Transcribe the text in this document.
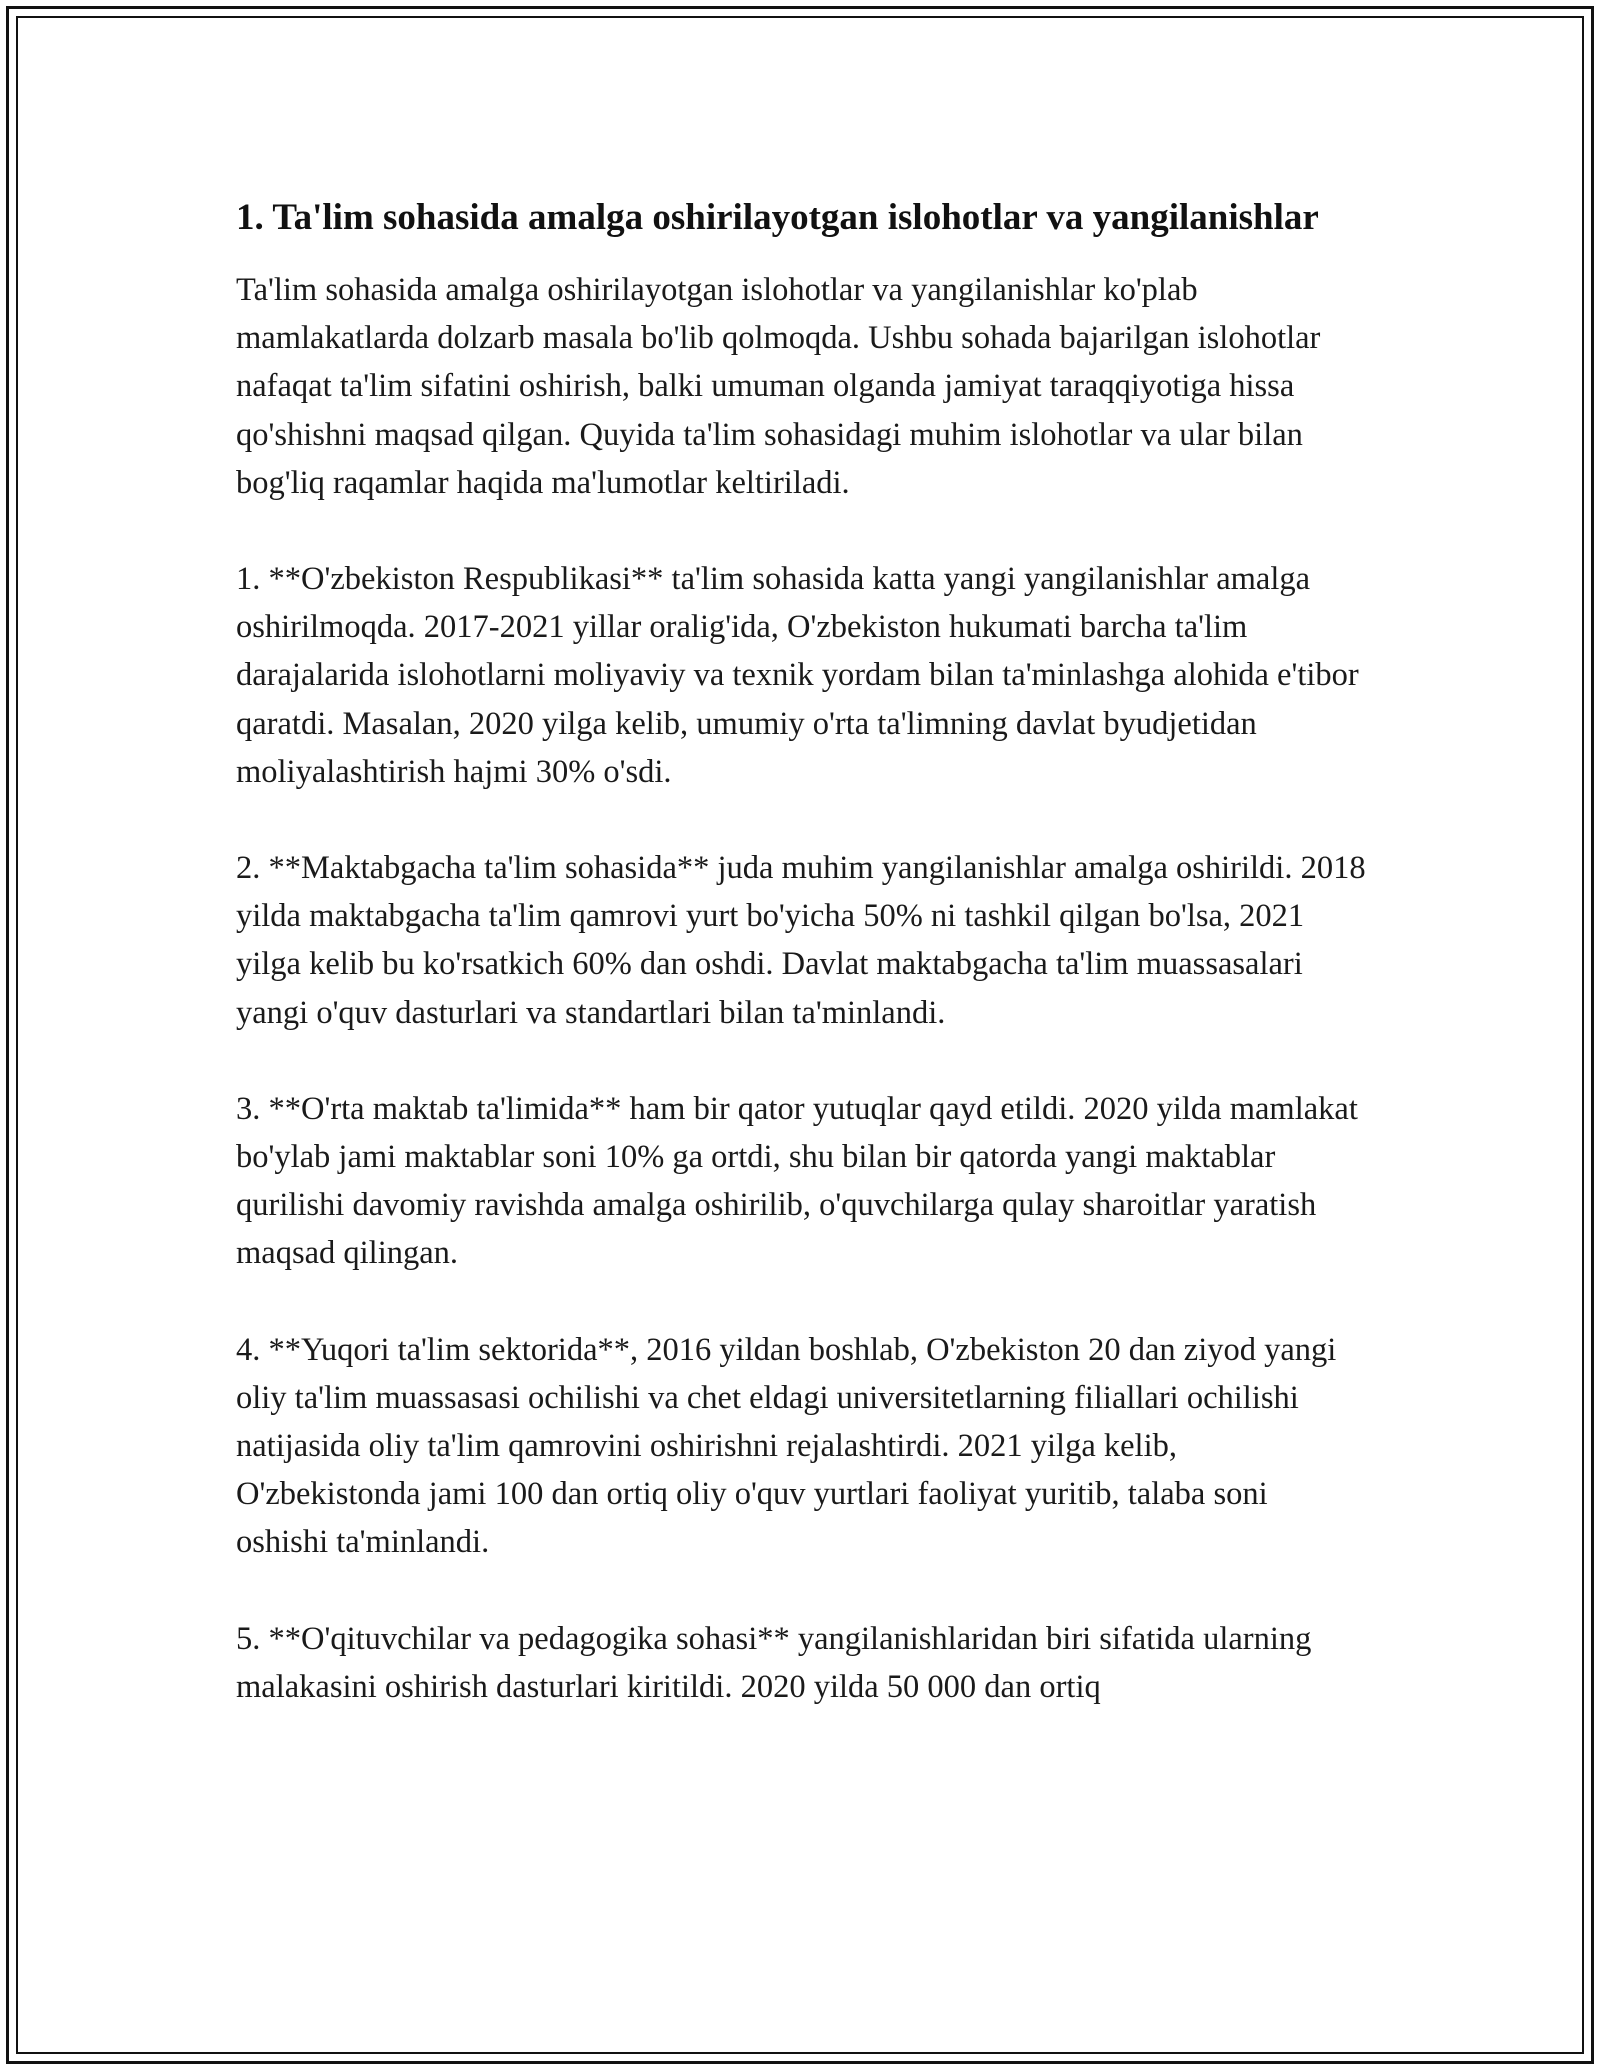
1. Ta'lim sohasida amalga oshirilayotgan islohotlar va yangilanishlar

Ta'lim sohasida amalga oshirilayotgan islohotlar va yangilanishlar ko'plab mamlakatlarda dolzarb masala bo'lib qolmoqda. Ushbu sohada bajarilgan islohotlar nafaqat ta'lim sifatini oshirish, balki umuman olganda jamiyat taraqqiyotiga hissa qo'shishni maqsad qilgan. Quyida ta'lim sohasidagi muhim islohotlar va ular bilan bog'liq raqamlar haqida ma'lumotlar keltiriladi.

1. **O'zbekiston Respublikasi** ta'lim sohasida katta yangi yangilanishlar amalga oshirilmoqda. 2017-2021 yillar oralig'ida, O'zbekiston hukumati barcha ta'lim darajalarida islohotlarni moliyaviy va texnik yordam bilan ta'minlashga alohida e'tibor qaratdi. Masalan, 2020 yilga kelib, umumiy o'rta ta'limning davlat byudjetidan moliyalashtirish hajmi 30% o'sdi.

2. **Maktabgacha ta'lim sohasida** juda muhim yangilanishlar amalga oshirildi. 2018 yilda maktabgacha ta'lim qamrovi yurt bo'yicha 50% ni tashkil qilgan bo'lsa, 2021 yilga kelib bu ko'rsatkich 60% dan oshdi. Davlat maktabgacha ta'lim muassasalari yangi o'quv dasturlari va standartlari bilan ta'minlandi.

3. **O'rta maktab ta'limida** ham bir qator yutuqlar qayd etildi. 2020 yilda mamlakat bo'ylab jami maktablar soni 10% ga ortdi, shu bilan bir qatorda yangi maktablar qurilishi davomiy ravishda amalga oshirilib, o'quvchilarga qulay sharoitlar yaratish maqsad qilingan.

4. **Yuqori ta'lim sektorida**, 2016 yildan boshlab, O'zbekiston 20 dan ziyod yangi oliy ta'lim muassasasi ochilishi va chet eldagi universitetlarning filiallari ochilishi natijasida oliy ta'lim qamrovini oshirishni rejalashtirdi. 2021 yilga kelib, O'zbekistonda jami 100 dan ortiq oliy o'quv yurtlari faoliyat yuritib, talaba soni oshishi ta'minlandi.

5. **O'qituvchilar va pedagogika sohasi** yangilanishlaridan biri sifatida ularning malakasini oshirish dasturlari kiritildi. 2020 yilda 50 000 dan ortiq
